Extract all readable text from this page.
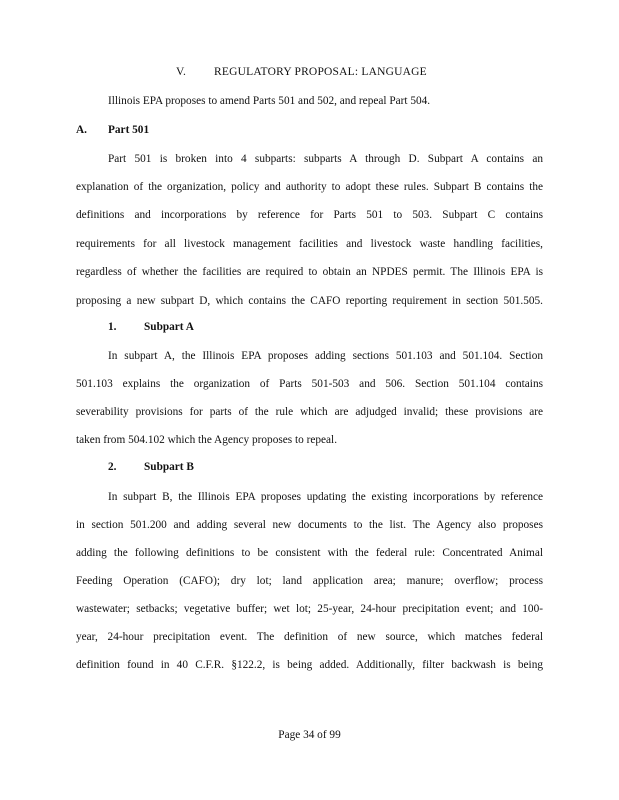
V. REGULATORY PROPOSAL: LANGUAGE
Illinois EPA proposes to amend Parts 501 and 502, and repeal Part 504.
A. Part 501
Part 501 is broken into 4 subparts: subparts A through D. Subpart A contains an
explanation of the organization, policy and authority to adopt these rules. Subpart B contains the
definitions and incorporations by reference for Parts 501 to 503. Subpart C contains
requirements for all livestock management facilities and livestock waste handling facilities,
regardless of whether the facilities are required to obtain an NPDES permit. The Illinois EPA is
proposing a new subpart D, which contains the CAFO reporting requirement in section 501.505.
1. Subpart A
In subpart A, the Illinois EPA proposes adding sections 501.103 and 501.104. Section
501.103 explains the organization of Parts 501-503 and 506. Section 501.104 contains
severability provisions for parts of the rule which are adjudged invalid; these provisions are
taken from 504.102 which the Agency proposes to repeal.
2. Subpart B
In subpart B, the Illinois EPA proposes updating the existing incorporations by reference
in section 501.200 and adding several new documents to the list. The Agency also proposes
adding the following definitions to be consistent with the federal rule: Concentrated Animal
Feeding Operation (CAFO); dry lot; land application area; manure; overflow; process
wastewater; setbacks; vegetative buffer; wet lot; 25-year, 24-hour precipitation event; and 100-
year, 24-hour precipitation event. The definition of new source, which matches federal
definition found in 40 C.F.R. §122.2, is being added. Additionally, filter backwash is being
Page 34 of 99
